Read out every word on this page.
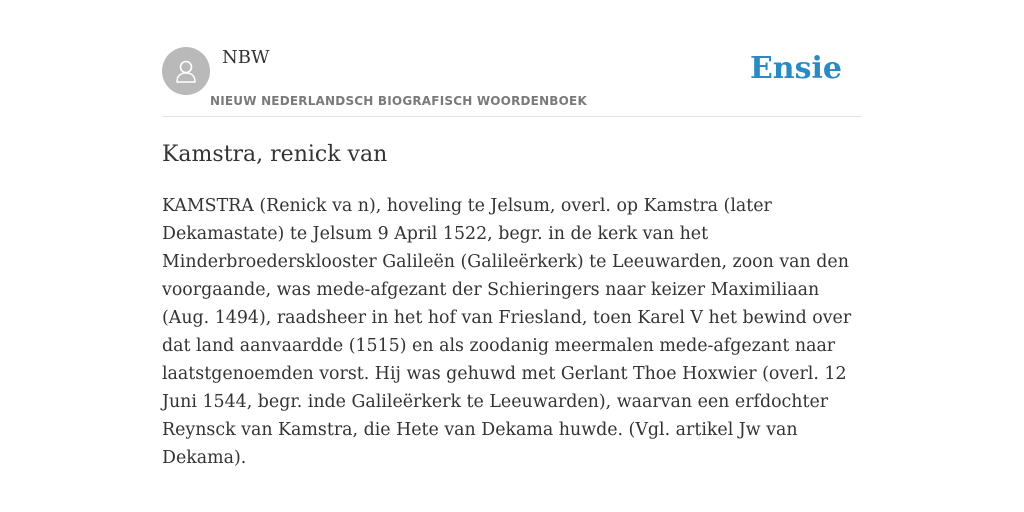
NBW
NIEUW NEDERLANDSCH BIOGRAFISCH WOORDENBOEK
Ensie
Kamstra, renick van

KAMSTRA (Renick va n), hoveling te Jelsum, overl. op Kamstra (later Dekamastate) te Jelsum 9 April 1522, begr. in de kerk van het Minderbroedersklooster Galileën (Galileërkerk) te Leeuwarden, zoon van den voorgaande, was mede-afgezant der Schieringers naar keizer Maximiliaan (Aug. 1494), raadsheer in het hof van Friesland, toen Karel V het bewind over dat land aanvaardde (1515) en als zoodanig meermalen mede-afgezant naar laatstgenoemden vorst. Hij was gehuwd met Gerlant Thoe Hoxwier (overl. 12 Juni 1544, begr. inde Galileërkerk te Leeuwarden), waarvan een erfdochter Reynsck van Kamstra, die Hete van Dekama huwde. (Vgl. artikel Jw van Dekama).
